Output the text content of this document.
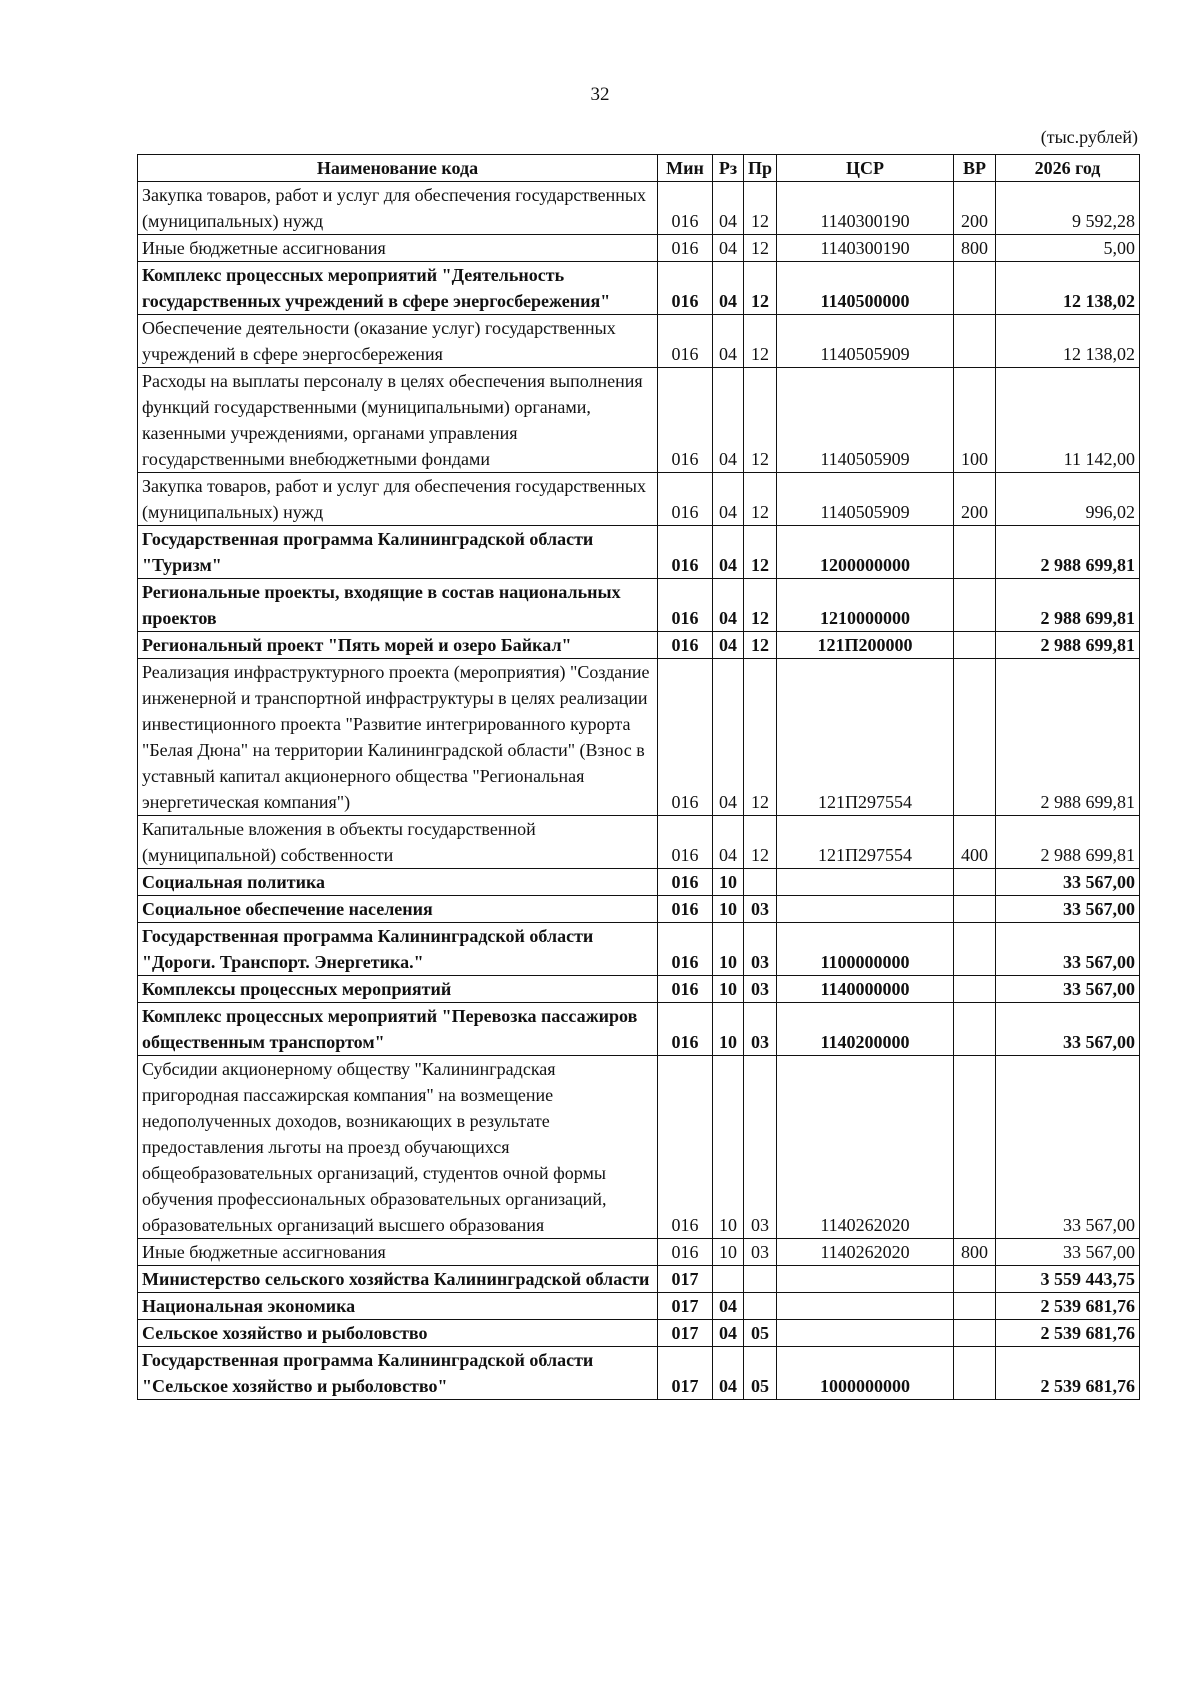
32
(тыс.рублей)
Наименование кода	Мин	Рз	Пр	ЦСР	ВР	2026 год
Закупка товаров, работ и услуг для обеспечения государственных (муниципальных) нужд	016	04	12	1140300190	200	9 592,28
Иные бюджетные ассигнования	016	04	12	1140300190	800	5,00
Комплекс процессных мероприятий "Деятельность государственных учреждений в сфере энергосбережения"	016	04	12	1140500000		12 138,02
Обеспечение деятельности (оказание услуг) государственных учреждений в сфере энергосбережения	016	04	12	1140505909		12 138,02
Расходы на выплаты персоналу в целях обеспечения выполнения функций государственными (муниципальными) органами, казенными учреждениями, органами управления государственными внебюджетными фондами	016	04	12	1140505909	100	11 142,00
Закупка товаров, работ и услуг для обеспечения государственных (муниципальных) нужд	016	04	12	1140505909	200	996,02
Государственная программа Калининградской области "Туризм"	016	04	12	1200000000		2 988 699,81
Региональные проекты, входящие в состав национальных проектов	016	04	12	1210000000		2 988 699,81
Региональный проект "Пять морей и озеро Байкал"	016	04	12	121П200000		2 988 699,81
Реализация инфраструктурного проекта (мероприятия) "Создание инженерной и транспортной инфраструктуры в целях реализации инвестиционного проекта "Развитие интегрированного курорта "Белая Дюна" на территории Калининградской области" (Взнос в уставный капитал акционерного общества "Региональная энергетическая компания")	016	04	12	121П297554		2 988 699,81
Капитальные вложения в объекты государственной (муниципальной) собственности	016	04	12	121П297554	400	2 988 699,81
Социальная политика	016	10				33 567,00
Социальное обеспечение населения	016	10	03			33 567,00
Государственная программа Калининградской области "Дороги. Транспорт. Энергетика."	016	10	03	1100000000		33 567,00
Комплексы процессных мероприятий	016	10	03	1140000000		33 567,00
Комплекс процессных мероприятий "Перевозка пассажиров общественным транспортом"	016	10	03	1140200000		33 567,00
Субсидии акционерному обществу "Калининградская пригородная пассажирская компания" на возмещение недополученных доходов, возникающих в результате предоставления льготы на проезд обучающихся общеобразовательных организаций, студентов очной формы обучения профессиональных образовательных организаций, образовательных организаций высшего образования	016	10	03	1140262020		33 567,00
Иные бюджетные ассигнования	016	10	03	1140262020	800	33 567,00
Министерство сельского хозяйства Калининградской области	017					3 559 443,75
Национальная экономика	017	04				2 539 681,76
Сельское хозяйство и рыболовство	017	04	05			2 539 681,76
Государственная программа Калининградской области "Сельское хозяйство и рыболовство"	017	04	05	1000000000		2 539 681,76
